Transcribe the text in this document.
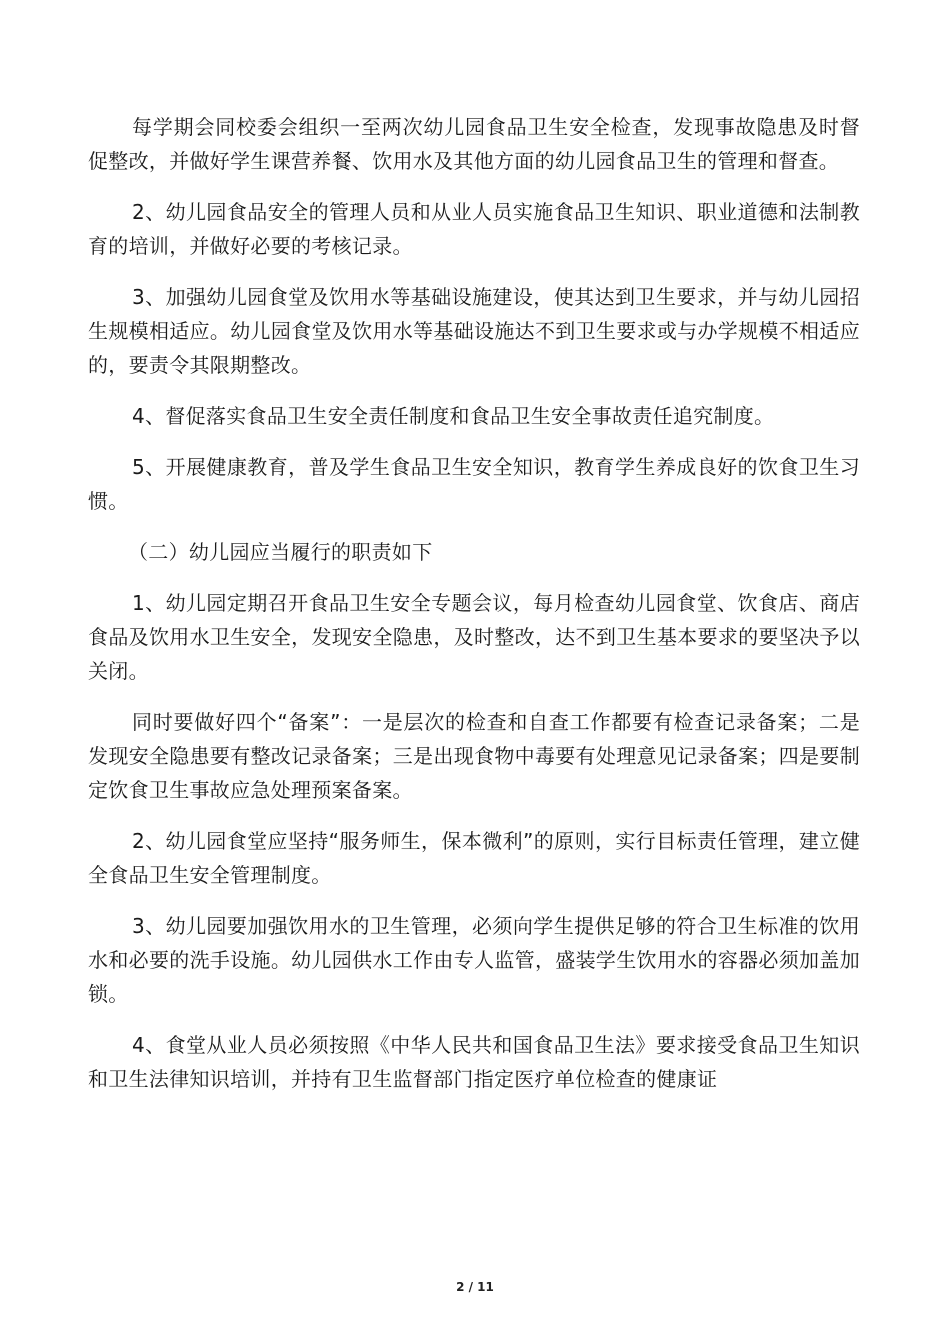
每学期会同校委会组织一至两次幼儿园食品卫生安全检查，发现事故隐患及时督促整改，并做好学生课营养餐、饮用水及其他方面的幼儿园食品卫生的管理和督查。

2、幼儿园食品安全的管理人员和从业人员实施食品卫生知识、职业道德和法制教育的培训，并做好必要的考核记录。

3、加强幼儿园食堂及饮用水等基础设施建设，使其达到卫生要求，并与幼儿园招生规模相适应。幼儿园食堂及饮用水等基础设施达不到卫生要求或与办学规模不相适应的，要责令其限期整改。

4、督促落实食品卫生安全责任制度和食品卫生安全事故责任追究制度。

5、开展健康教育，普及学生食品卫生安全知识，教育学生养成良好的饮食卫生习惯。

（二）幼儿园应当履行的职责如下

1、幼儿园定期召开食品卫生安全专题会议，每月检查幼儿园食堂、饮食店、商店食品及饮用水卫生安全，发现安全隐患，及时整改，达不到卫生基本要求的要坚决予以关闭。

同时要做好四个“备案”：一是层次的检查和自查工作都要有检查记录备案；二是发现安全隐患要有整改记录备案；三是出现食物中毒要有处理意见记录备案；四是要制定饮食卫生事故应急处理预案备案。

2、幼儿园食堂应坚持“服务师生，保本微利”的原则，实行目标责任管理，建立健全食品卫生安全管理制度。

3、幼儿园要加强饮用水的卫生管理，必须向学生提供足够的符合卫生标准的饮用水和必要的洗手设施。幼儿园供水工作由专人监管，盛装学生饮用水的容器必须加盖加锁。

4、食堂从业人员必须按照《中华人民共和国食品卫生法》要求接受食品卫生知识和卫生法律知识培训，并持有卫生监督部门指定医疗单位检查的健康证

2 / 11
